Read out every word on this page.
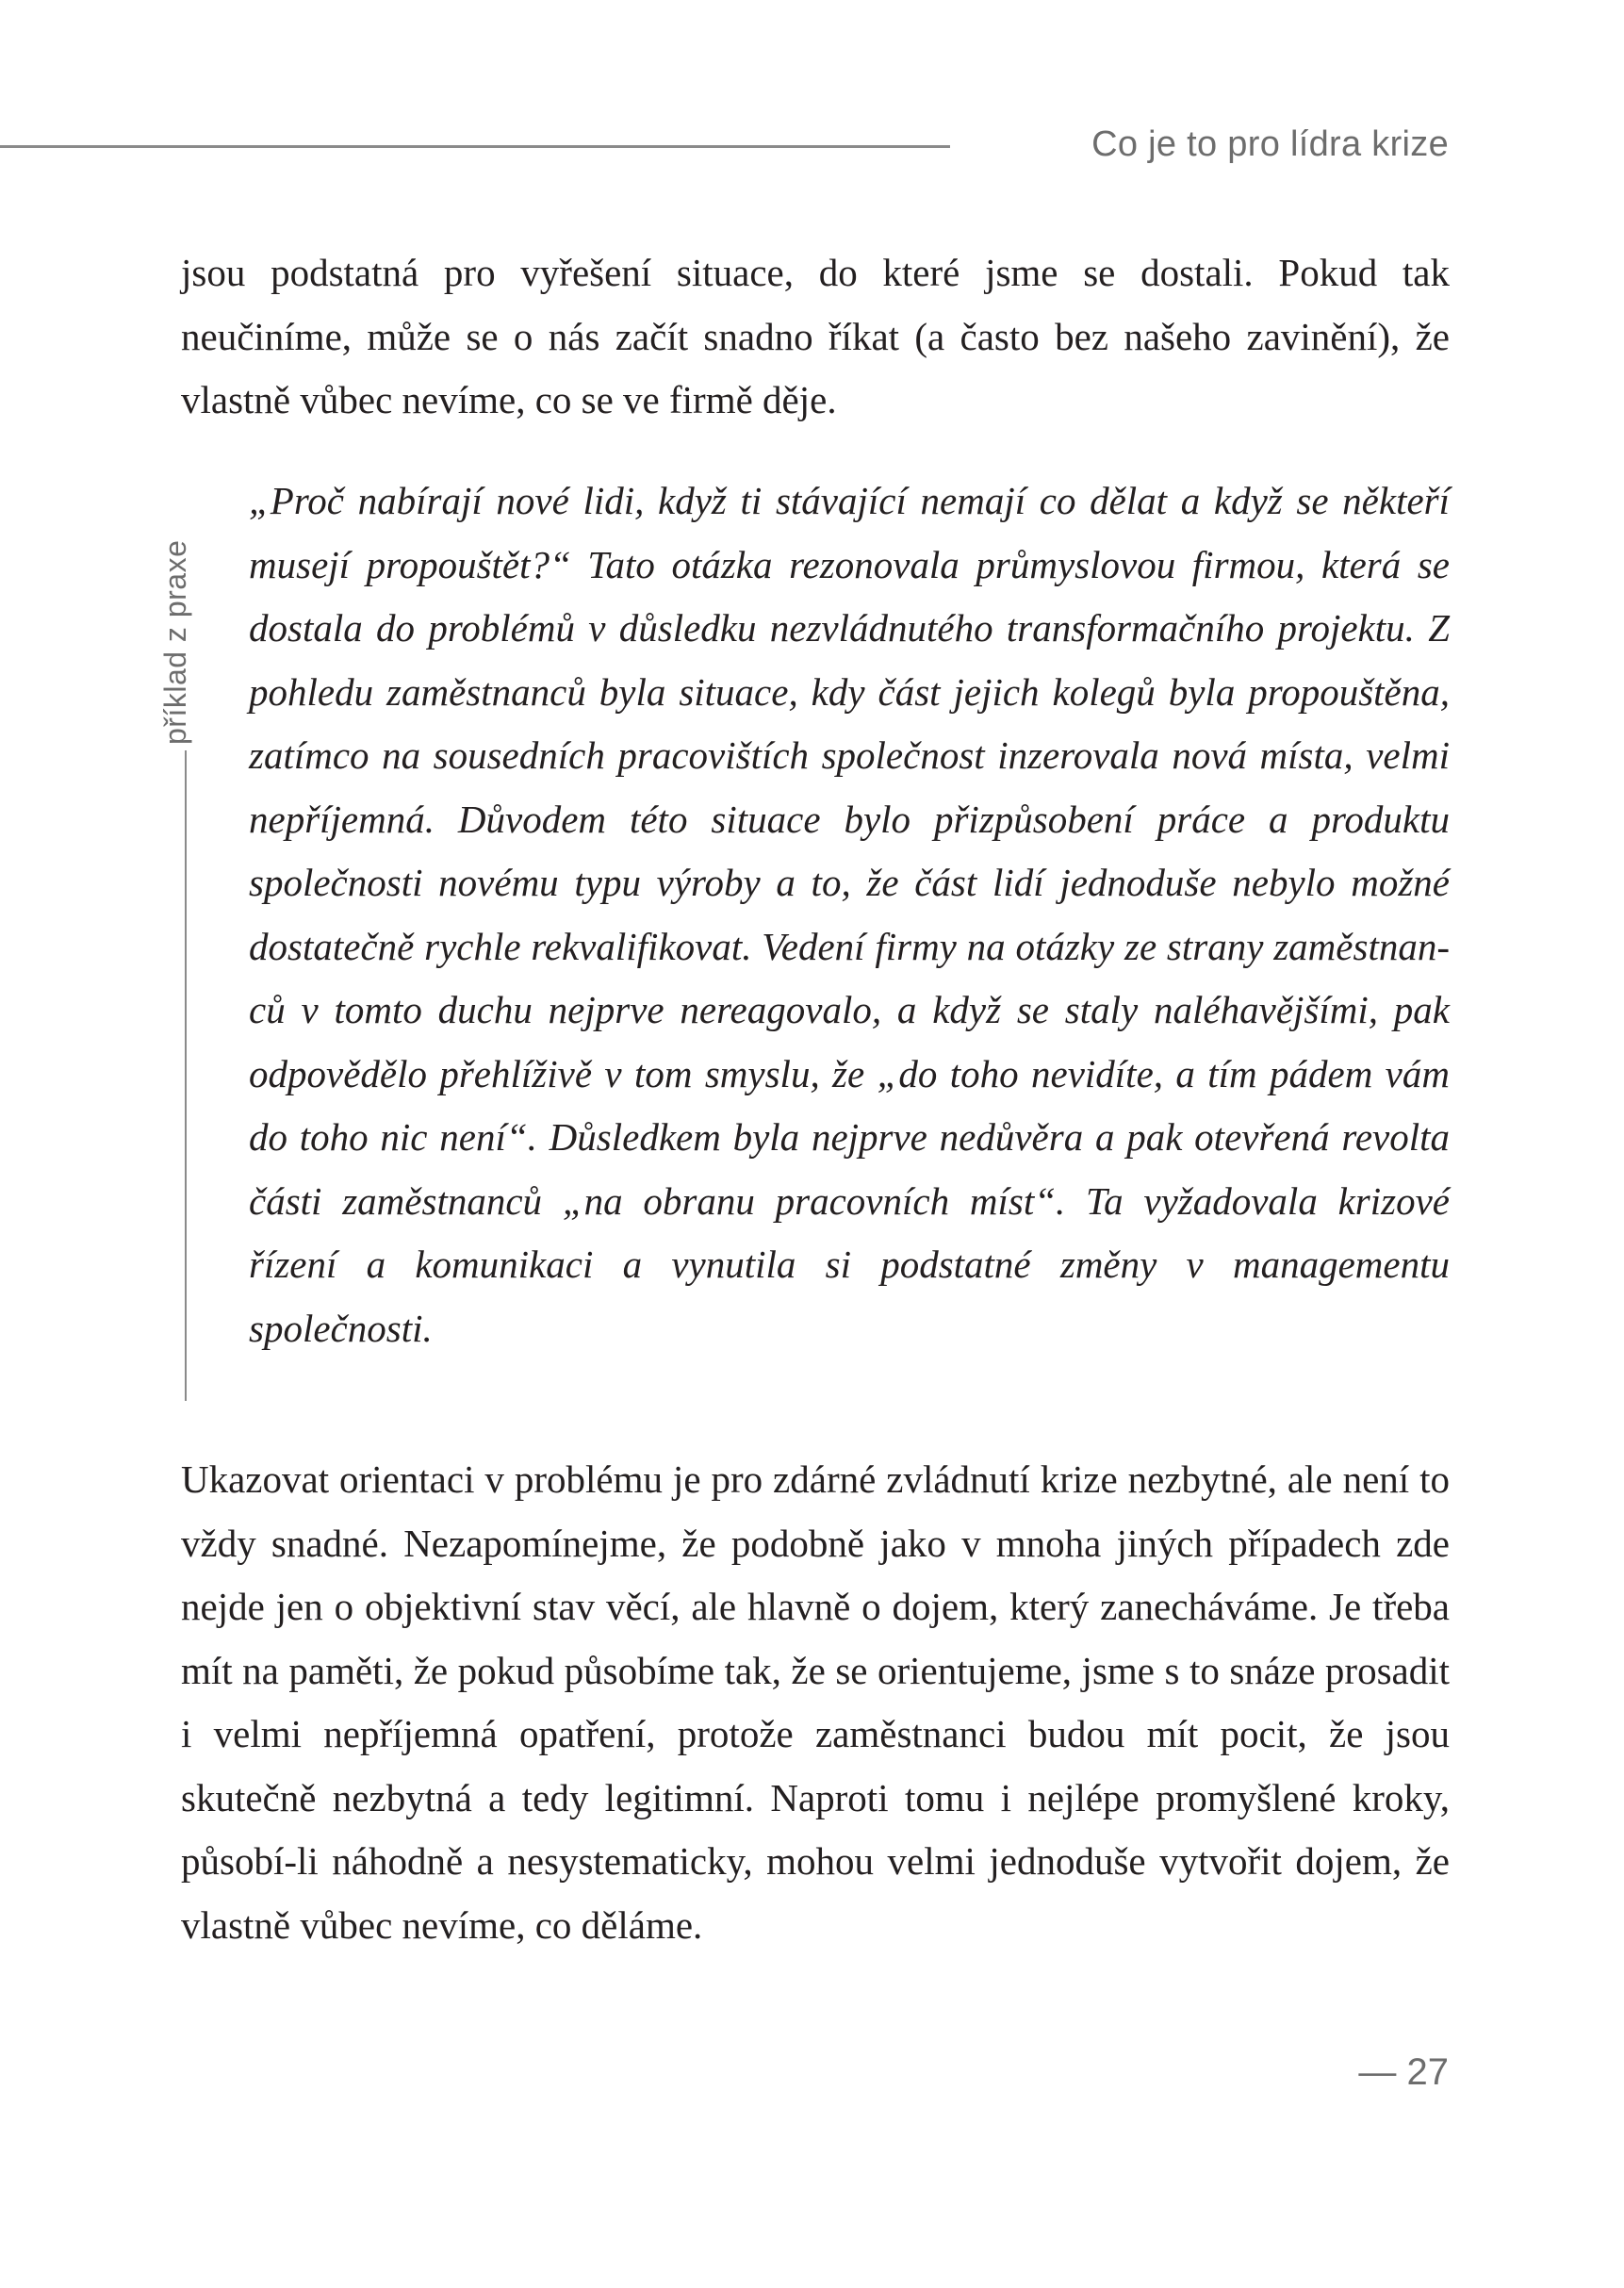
Co je to pro lídra krize

jsou podstatná pro vyřešení situace, do které jsme se dostali. Pokud tak neučiníme, může se o nás začít snadno říkat (a často bez našeho zavinění), že vlastně vůbec nevíme, co se ve firmě děje.

příklad z praxe

„Proč nabírají nové lidi, když ti stávající nemají co dělat a když se někteří musejí propouštět?“ Tato otázka rezonovala průmyslovou firmou, která se dostala do problémů v důsledku nezvládnutého transformačního projektu. Z pohledu zaměstnanců byla situace, kdy část jejich kolegů byla propouštěna, zatímco na sousedních pracovištích společnost inzerovala nová místa, velmi nepříjemná. Důvodem této situace bylo přizpůsobení práce a produktu společnosti novému typu výroby a to, že část lidí jednoduše nebylo možné dostatečně rychle rekvalifikovat. Vedení firmy na otázky ze strany zaměstnanců v tomto duchu nejprve nereagovalo, a když se staly naléhavějšími, pak odpovědělo přehlíživě v tom smyslu, že „do toho nevidíte, a tím pádem vám do toho nic není“. Důsledkem byla nejprve nedůvěra a pak otevřená revolta části zaměstnanců „na obranu pracovních míst“. Ta vyžadovala krizové řízení a komunikaci a vynutila si podstatné změny v managementu společnosti.

Ukazovat orientaci v problému je pro zdárné zvládnutí krize nezbytné, ale není to vždy snadné. Nezapomínejme, že podobně jako v mnoha jiných případech zde nejde jen o objektivní stav věcí, ale hlavně o dojem, který zanecháváme. Je třeba mít na paměti, že pokud působíme tak, že se orientujeme, jsme s to snáze prosadit i velmi nepříjemná opatření, protože zaměstnanci budou mít pocit, že jsou skutečně nezbytná a tedy legitimní. Naproti tomu i nejlépe promyšlené kroky, působí-li náhodně a nesystematicky, mohou velmi jednoduše vytvořit dojem, že vlastně vůbec nevíme, co děláme.

— 27
